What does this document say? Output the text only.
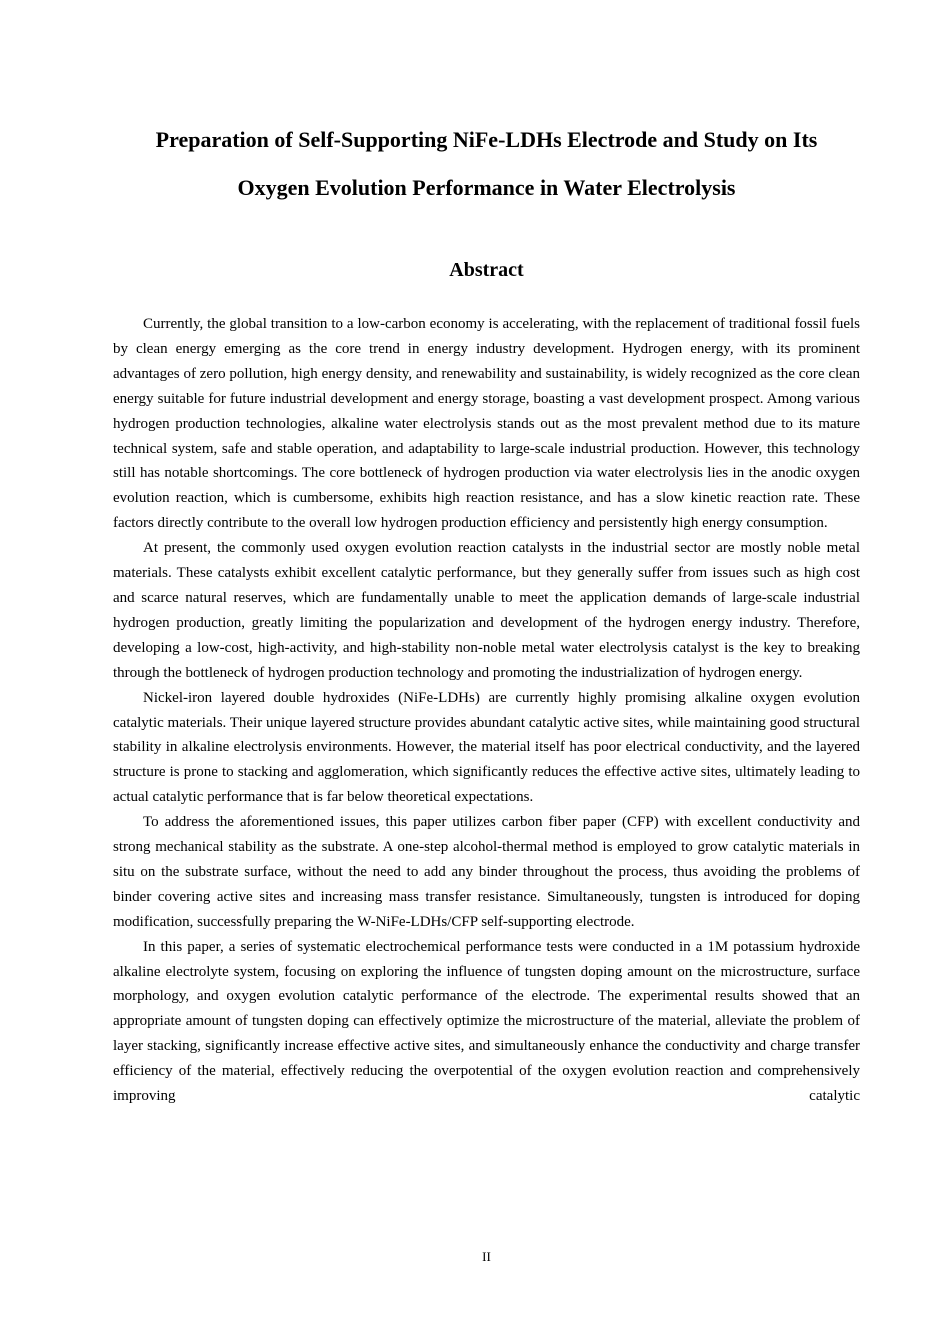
Preparation of Self-Supporting NiFe-LDHs Electrode and Study on Its
Oxygen Evolution Performance in Water Electrolysis
Abstract

Currently, the global transition to a low-carbon economy is accelerating, with the replacement of traditional fossil fuels by clean energy emerging as the core trend in energy industry development. Hydrogen energy, with its prominent advantages of zero pollution, high energy density, and renewability and sustainability, is widely recognized as the core clean energy suitable for future industrial development and energy storage, boasting a vast development prospect. Among various hydrogen production technologies, alkaline water electrolysis stands out as the most prevalent method due to its mature technical system, safe and stable operation, and adaptability to large-scale industrial production. However, this technology still has notable shortcomings. The core bottleneck of hydrogen production via water electrolysis lies in the anodic oxygen evolution reaction, which is cumbersome, exhibits high reaction resistance, and has a slow kinetic reaction rate. These factors directly contribute to the overall low hydrogen production efficiency and persistently high energy consumption.

At present, the commonly used oxygen evolution reaction catalysts in the industrial sector are mostly noble metal materials. These catalysts exhibit excellent catalytic performance, but they generally suffer from issues such as high cost and scarce natural reserves, which are fundamentally unable to meet the application demands of large-scale industrial hydrogen production, greatly limiting the popularization and development of the hydrogen energy industry. Therefore, developing a low-cost, high-activity, and high-stability non-noble metal water electrolysis catalyst is the key to breaking through the bottleneck of hydrogen production technology and promoting the industrialization of hydrogen energy.

Nickel-iron layered double hydroxides (NiFe-LDHs) are currently highly promising alkaline oxygen evolution catalytic materials. Their unique layered structure provides abundant catalytic active sites, while maintaining good structural stability in alkaline electrolysis environments. However, the material itself has poor electrical conductivity, and the layered structure is prone to stacking and agglomeration, which significantly reduces the effective active sites, ultimately leading to actual catalytic performance that is far below theoretical expectations.

To address the aforementioned issues, this paper utilizes carbon fiber paper (CFP) with excellent conductivity and strong mechanical stability as the substrate. A one-step alcohol-thermal method is employed to grow catalytic materials in situ on the substrate surface, without the need to add any binder throughout the process, thus avoiding the problems of binder covering active sites and increasing mass transfer resistance. Simultaneously, tungsten is introduced for doping modification, successfully preparing the W-NiFe-LDHs/CFP self-supporting electrode.

In this paper, a series of systematic electrochemical performance tests were conducted in a 1M potassium hydroxide alkaline electrolyte system, focusing on exploring the influence of tungsten doping amount on the microstructure, surface morphology, and oxygen evolution catalytic performance of the electrode. The experimental results showed that an appropriate amount of tungsten doping can effectively optimize the microstructure of the material, alleviate the problem of layer stacking, significantly increase effective active sites, and simultaneously enhance the conductivity and charge transfer efficiency of the material, effectively reducing the overpotential of the oxygen evolution reaction and comprehensively improving catalytic

II
